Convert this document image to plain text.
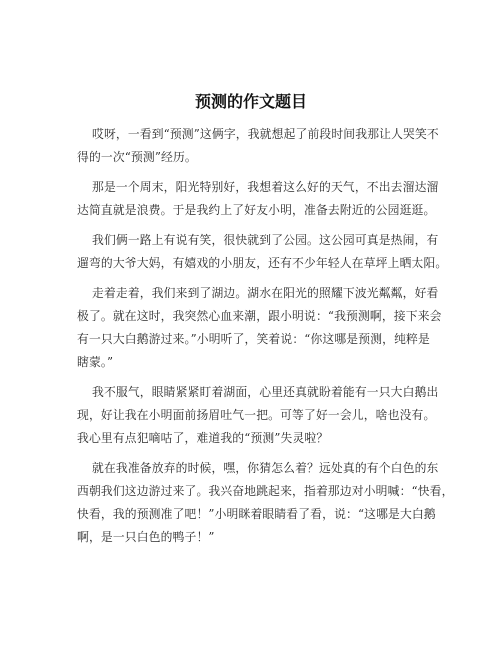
预测的作文题目
哎呀，一看到“预测”这俩字，我就想起了前段时间我那让人哭笑不
得的一次“预测”经历。
那是一个周末，阳光特别好，我想着这么好的天气，不出去溜达溜
达简直就是浪费。于是我约上了好友小明，准备去附近的公园逛逛。
我们俩一路上有说有笑，很快就到了公园。这公园可真是热闹，有
遛弯的大爷大妈，有嬉戏的小朋友，还有不少年轻人在草坪上晒太阳。
走着走着，我们来到了湖边。湖水在阳光的照耀下波光粼粼，好看
极了。就在这时，我突然心血来潮，跟小明说：“我预测啊，接下来会
有一只大白鹅游过来。”小明听了，笑着说：“你这哪是预测，纯粹是
瞎蒙。”
我不服气，眼睛紧紧盯着湖面，心里还真就盼着能有一只大白鹅出
现，好让我在小明面前扬眉吐气一把。可等了好一会儿，啥也没有。
我心里有点犯嘀咕了，难道我的“预测”失灵啦？
就在我准备放弃的时候，嘿，你猜怎么着？远处真的有个白色的东
西朝我们这边游过来了。我兴奋地跳起来，指着那边对小明喊：“快看，
快看，我的预测准了吧！”小明眯着眼睛看了看，说：“这哪是大白鹅
啊，是一只白色的鸭子！”
